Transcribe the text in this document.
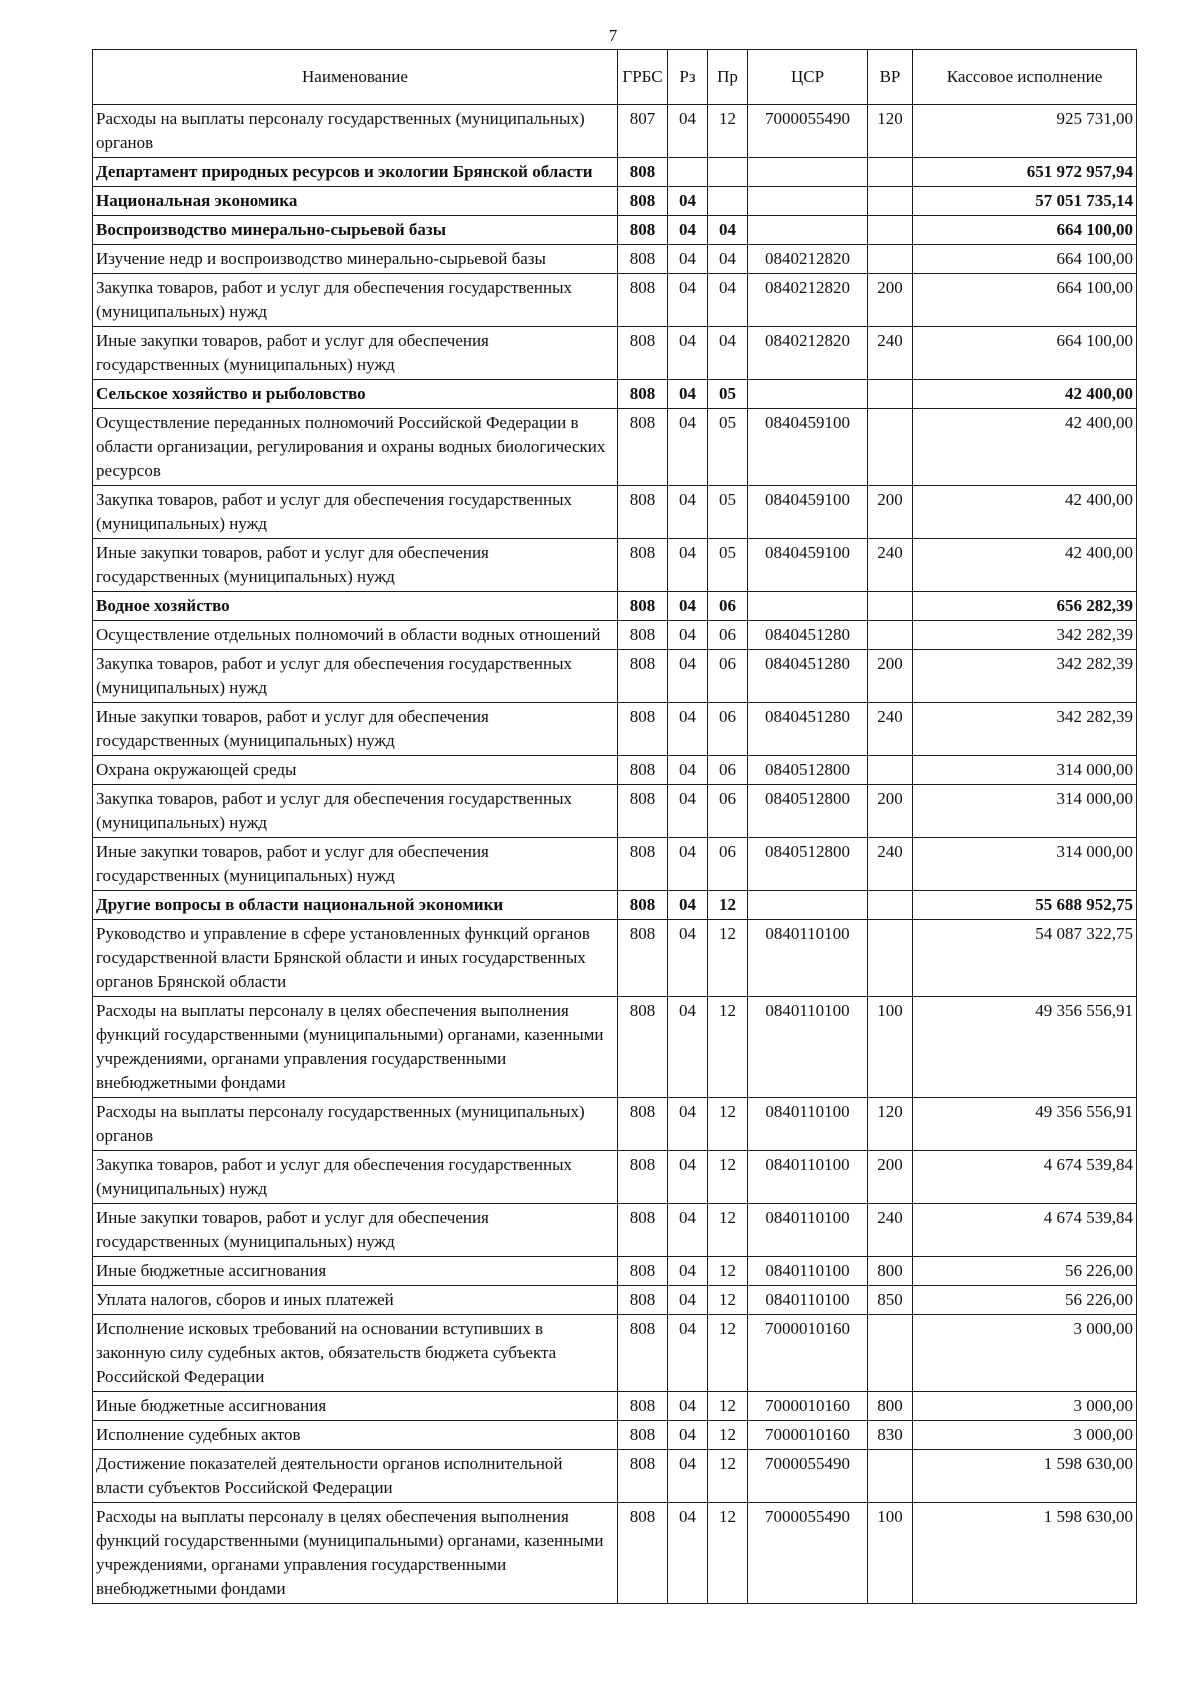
7
Наименование	ГРБС	Рз	Пр	ЦСР	ВР	Кассовое исполнение
Расходы на выплаты персоналу государственных (муниципальных) органов	807	04	12	7000055490	120	925 731,00
Департамент природных ресурсов и экологии Брянской области	808					651 972 957,94
Национальная экономика	808	04				57 051 735,14
Воспроизводство минерально-сырьевой базы	808	04	04			664 100,00
Изучение недр и воспроизводство минерально-сырьевой базы	808	04	04	0840212820		664 100,00
Закупка товаров, работ и услуг для обеспечения государственных (муниципальных) нужд	808	04	04	0840212820	200	664 100,00
Иные закупки товаров, работ и услуг для обеспечения государственных (муниципальных) нужд	808	04	04	0840212820	240	664 100,00
Сельское хозяйство и рыболовство	808	04	05			42 400,00
Осуществление переданных полномочий Российской Федерации в области организации, регулирования и охраны водных биологических ресурсов	808	04	05	0840459100		42 400,00
Закупка товаров, работ и услуг для обеспечения государственных (муниципальных) нужд	808	04	05	0840459100	200	42 400,00
Иные закупки товаров, работ и услуг для обеспечения государственных (муниципальных) нужд	808	04	05	0840459100	240	42 400,00
Водное хозяйство	808	04	06			656 282,39
Осуществление отдельных полномочий в области водных отношений	808	04	06	0840451280		342 282,39
Закупка товаров, работ и услуг для обеспечения государственных (муниципальных) нужд	808	04	06	0840451280	200	342 282,39
Иные закупки товаров, работ и услуг для обеспечения государственных (муниципальных) нужд	808	04	06	0840451280	240	342 282,39
Охрана окружающей среды	808	04	06	0840512800		314 000,00
Закупка товаров, работ и услуг для обеспечения государственных (муниципальных) нужд	808	04	06	0840512800	200	314 000,00
Иные закупки товаров, работ и услуг для обеспечения государственных (муниципальных) нужд	808	04	06	0840512800	240	314 000,00
Другие вопросы в области национальной экономики	808	04	12			55 688 952,75
Руководство и управление в сфере установленных функций органов государственной власти Брянской области и иных государственных органов Брянской области	808	04	12	0840110100		54 087 322,75
Расходы на выплаты персоналу в целях обеспечения выполнения функций государственными (муниципальными) органами, казенными учреждениями, органами управления государственными внебюджетными фондами	808	04	12	0840110100	100	49 356 556,91
Расходы на выплаты персоналу государственных (муниципальных) органов	808	04	12	0840110100	120	49 356 556,91
Закупка товаров, работ и услуг для обеспечения государственных (муниципальных) нужд	808	04	12	0840110100	200	4 674 539,84
Иные закупки товаров, работ и услуг для обеспечения государственных (муниципальных) нужд	808	04	12	0840110100	240	4 674 539,84
Иные бюджетные ассигнования	808	04	12	0840110100	800	56 226,00
Уплата налогов, сборов и иных платежей	808	04	12	0840110100	850	56 226,00
Исполнение исковых требований на основании вступивших в законную силу судебных актов, обязательств бюджета субъекта Российской Федерации	808	04	12	7000010160		3 000,00
Иные бюджетные ассигнования	808	04	12	7000010160	800	3 000,00
Исполнение судебных актов	808	04	12	7000010160	830	3 000,00
Достижение показателей деятельности органов исполнительной власти субъектов Российской Федерации	808	04	12	7000055490		1 598 630,00
Расходы на выплаты персоналу в целях обеспечения выполнения функций государственными (муниципальными) органами, казенными учреждениями, органами управления государственными внебюджетными фондами	808	04	12	7000055490	100	1 598 630,00
